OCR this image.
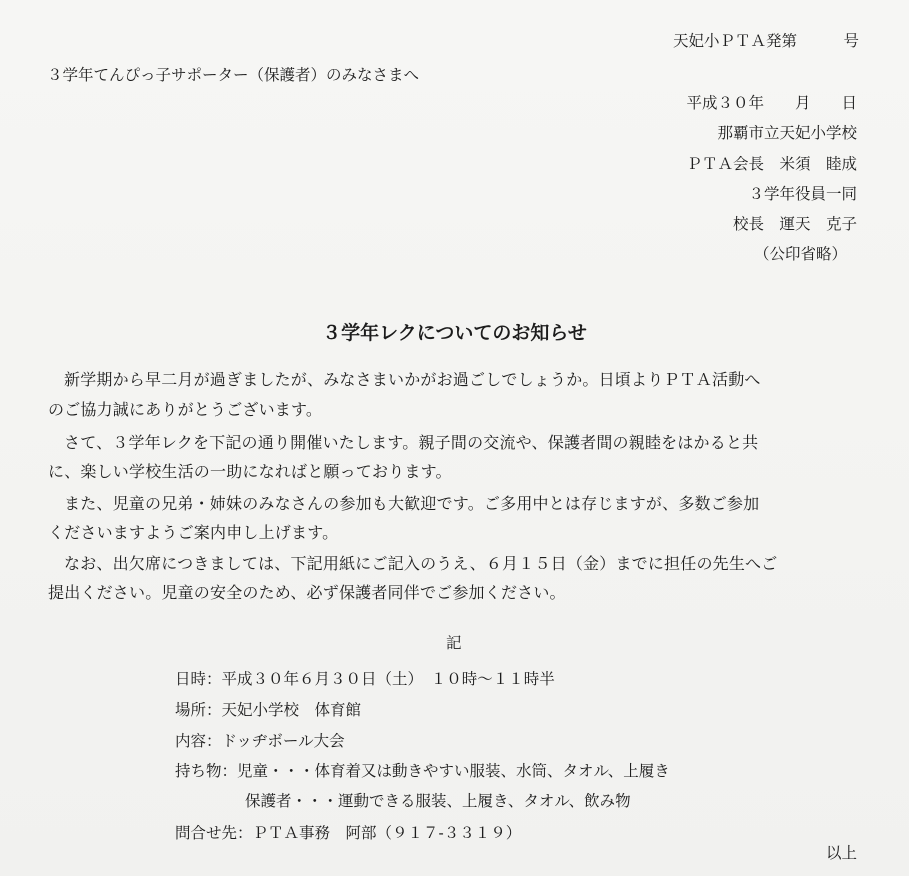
天妃小ＰＴＡ発第　　　号
３学年てんぴっ子サポーター（保護者）のみなさまへ
平成３０年　　月　　日
那覇市立天妃小学校
ＰＴＡ会長　米須　睦成
３学年役員一同
校長　運天　克子
（公印省略）
３学年レクについてのお知らせ
新学期から早二月が過ぎましたが、みなさまいかがお過ごしでしょうか。日頃よりＰＴＡ活動へ
のご協力誠にありがとうございます。
さて、３学年レクを下記の通り開催いたします。親子間の交流や、保護者間の親睦をはかると共
に、楽しい学校生活の一助になればと願っております。
また、児童の兄弟・姉妹のみなさんの参加も大歓迎です。ご多用中とは存じますが、多数ご参加
くださいますようご案内申し上げます。
なお、出欠席につきましては、下記用紙にご記入のうえ、６月１５日（金）までに担任の先生へご
提出ください。児童の安全のため、必ず保護者同伴でご参加ください。
記
日時：平成３０年６月３０日（土）　１０時～１１時半
場所：天妃小学校　体育館
内容：ドッヂボール大会
持ち物：児童・・・体育着又は動きやすい服装、水筒、タオル、上履き
保護者・・・運動できる服装、上履き、タオル、飲み物
問合せ先：ＰＴＡ事務　阿部（９１７-３３１９）
以上
